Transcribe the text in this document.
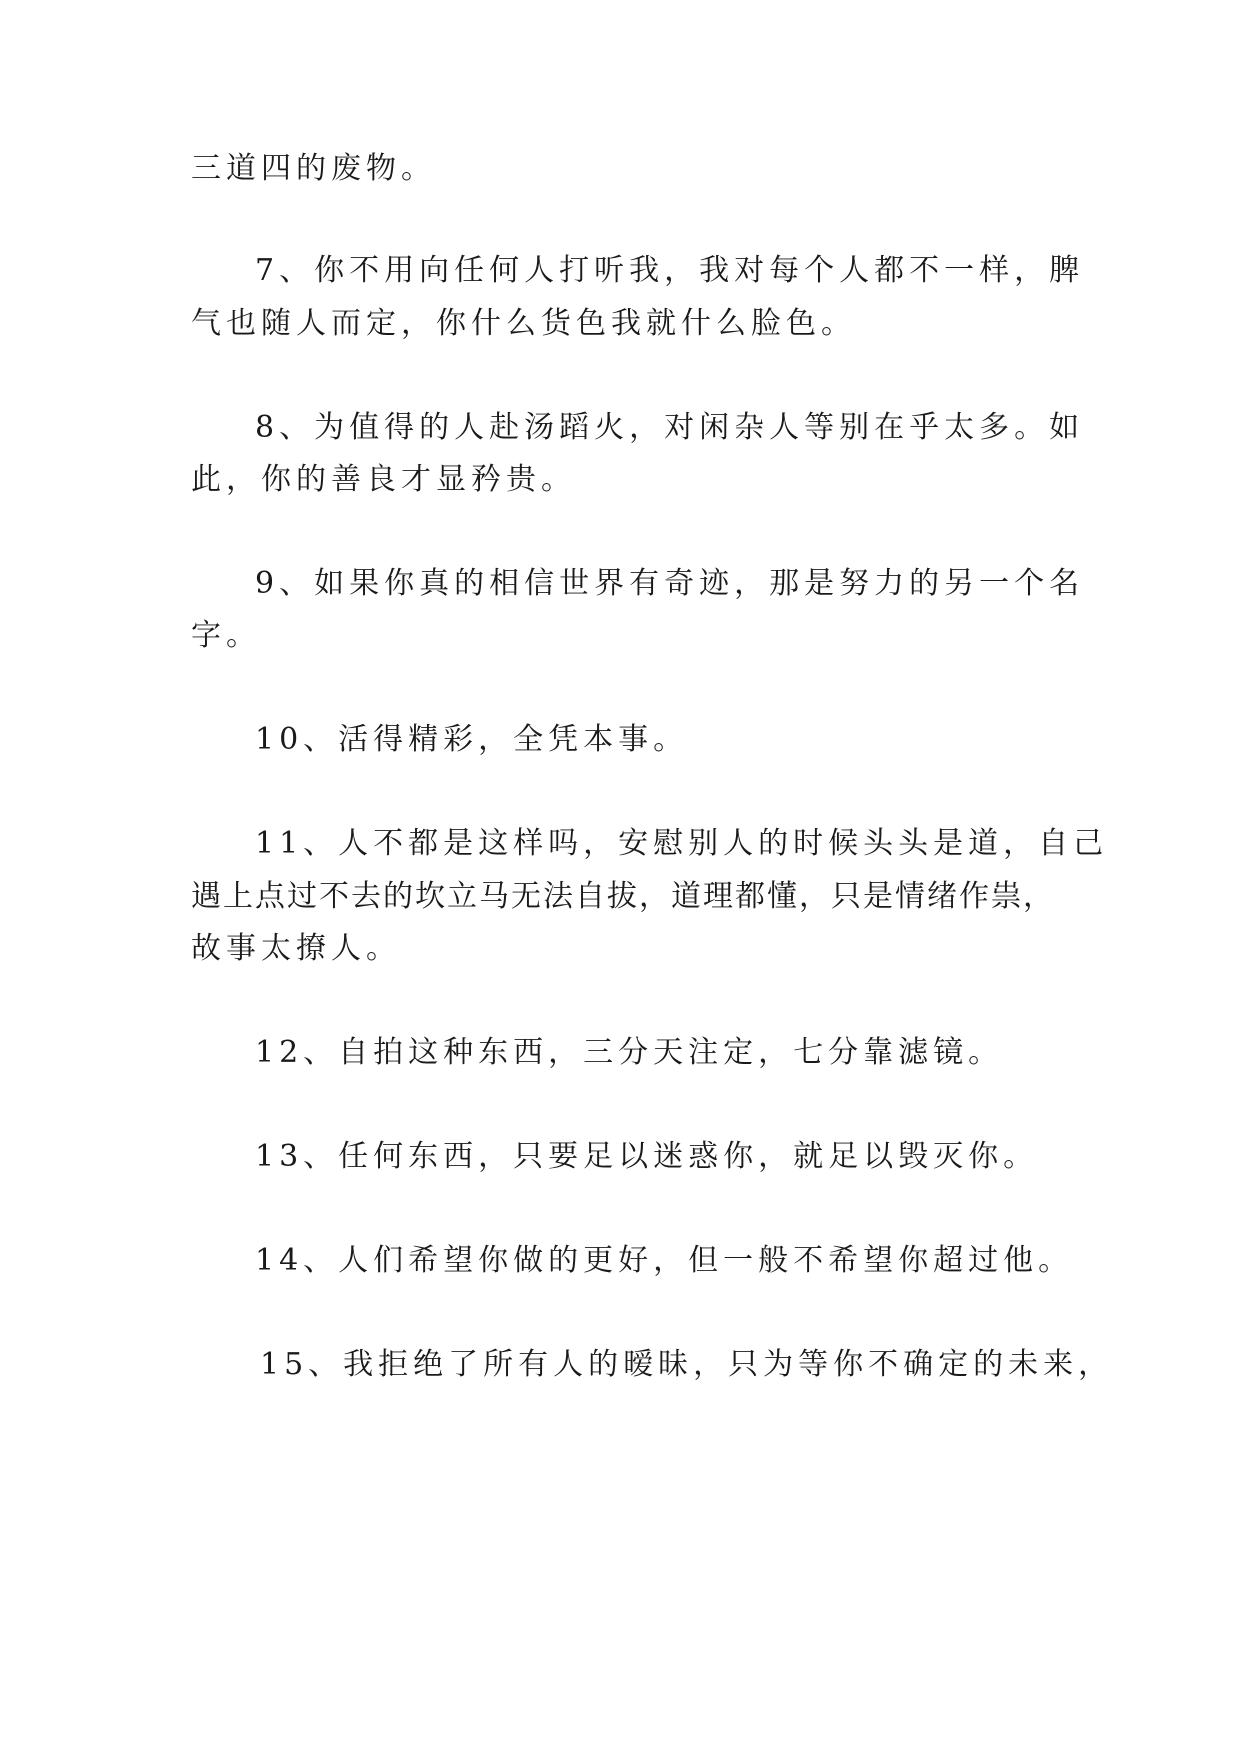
三道四的废物。
7、你不用向任何人打听我，我对每个人都不一样，脾
气也随人而定，你什么货色我就什么脸色。
8、为值得的人赴汤蹈火，对闲杂人等别在乎太多。如
此，你的善良才显矜贵。
9、如果你真的相信世界有奇迹，那是努力的另一个名
字。
10、活得精彩，全凭本事。
11、人不都是这样吗，安慰别人的时候头头是道，自己
遇上点过不去的坎立马无法自拔，道理都懂，只是情绪作祟，
故事太撩人。
12、自拍这种东西，三分天注定，七分靠滤镜。
13、任何东西，只要足以迷惑你，就足以毁灭你。
14、人们希望你做的更好，但一般不希望你超过他。
15、我拒绝了所有人的暧昧，只为等你不确定的未来，
